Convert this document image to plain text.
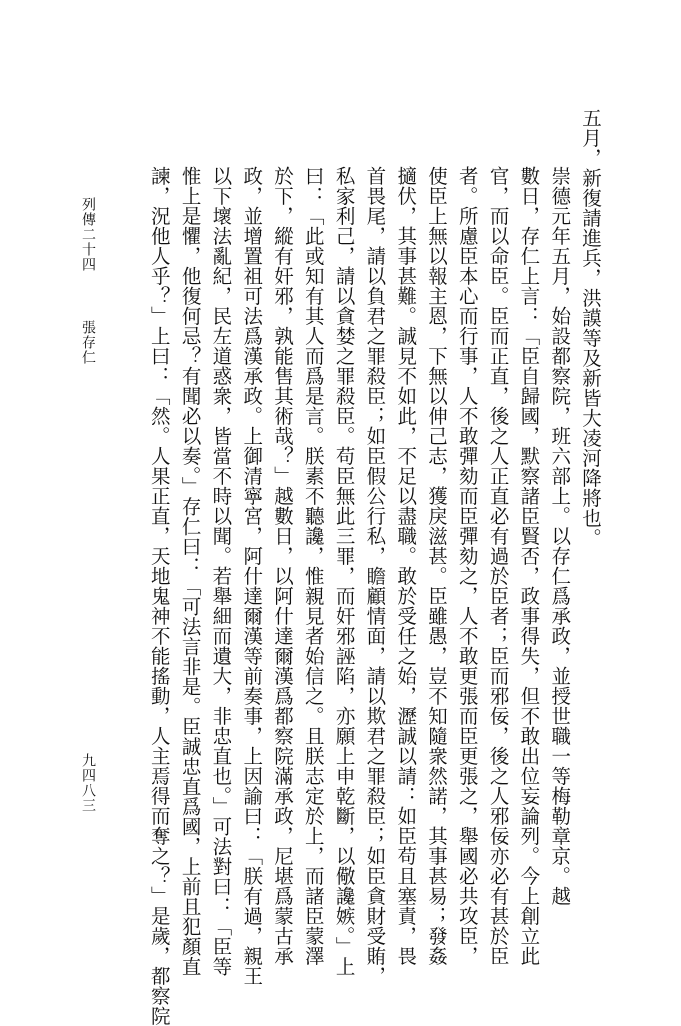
五月，新復請進兵，洪謨等及新皆大凌河降將也。
崇德元年五月，始設都察院，班六部上。以存仁爲承政，並授世職一等梅勒章京。越
數日，存仁上言：「臣自歸國，默察諸臣賢否，政事得失，但不敢出位妄論列。今上創立此
官，而以命臣。臣而正直，後之人正直必有過於臣者；臣而邪佞，後之人邪佞亦必有甚於臣
者。所慮臣本心而行事，人不敢彈劾而臣彈劾之，人不敢更張而臣更張之，舉國必共攻臣，
使臣上無以報主恩，下無以伸己志，獲戾滋甚。臣雖愚，豈不知隨衆然諾，其事甚易；發姦
擿伏，其事甚難。誠見不如此，不足以盡職。敢於受任之始，瀝誠以請：如臣苟且塞責，畏
首畏尾，請以負君之罪殺臣；如臣假公行私，瞻顧情面，請以欺君之罪殺臣；如臣貪財受賄，
私家利己，請以貪婪之罪殺臣。苟臣無此三罪，而奸邪誣陷，亦願上申乾斷，以儆讒嫉。」上
曰：「此或知有其人而爲是言。朕素不聽讒，惟親見者始信之。且朕志定於上，而諸臣蒙澤
於下，縱有奸邪，孰能售其術哉？」越數日，以阿什達爾漢爲都察院滿承政，尼堪爲蒙古承
政，並增置祖可法爲漢承政。上御清寧宮，阿什達爾漢等前奏事，上因諭曰：「朕有過，親王
以下壞法亂紀，民左道惑衆，皆當不時以聞。若舉細而遺大，非忠直也。」可法對曰：「臣等
惟上是懼，他復何忌？有聞必以奏。」存仁曰：「可法言非是。臣誠忠直爲國，上前且犯顏直
諫，況他人乎？」上曰：「然。人果正直，天地鬼神不能搖動，人主焉得而奪之？」是歲，都察院
列傳二十四
張存仁
九四八三
